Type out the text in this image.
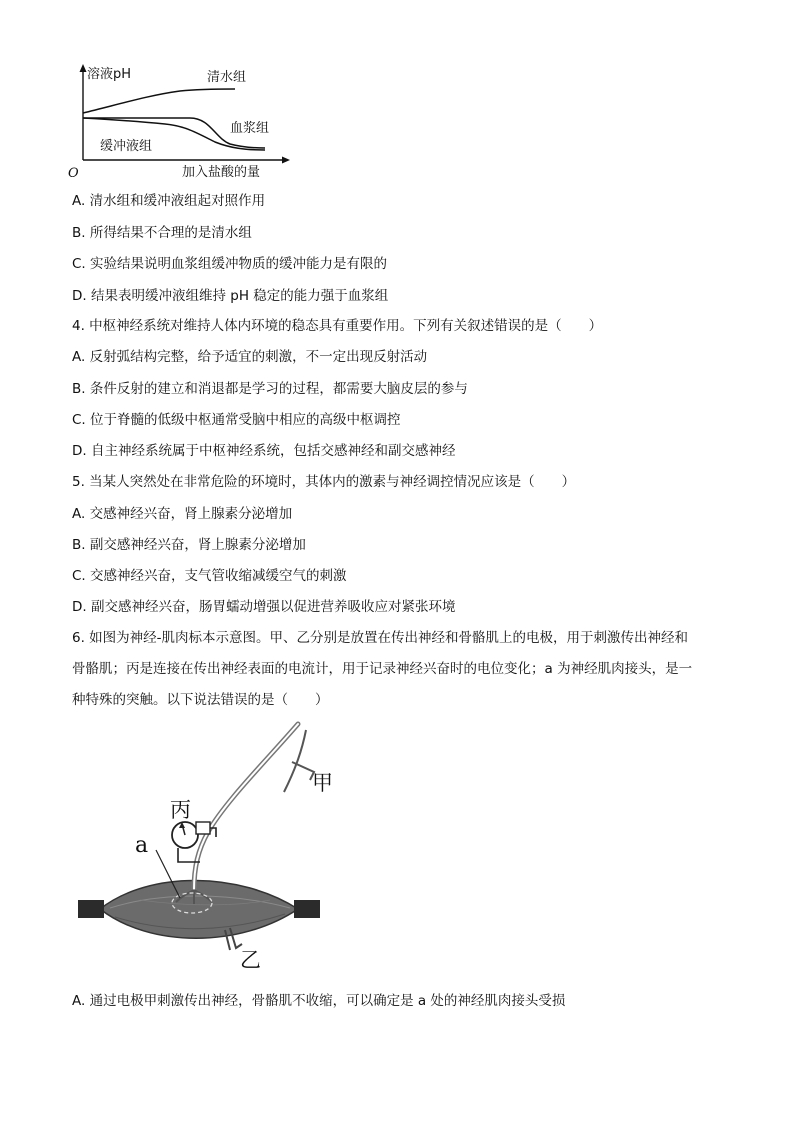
溶液pH	清水组
血浆组
缓冲液组
O	加入盐酸的量

A. 清水组和缓冲液组起对照作用

B. 所得结果不合理的是清水组

C. 实验结果说明血浆组缓冲物质的缓冲能力是有限的

D. 结果表明缓冲液组维持 pH 稳定的能力强于血浆组

4. 中枢神经系统对维持人体内环境的稳态具有重要作用。下列有关叙述错误的是（　　）

A. 反射弧结构完整，给予适宜的刺激，不一定出现反射活动

B. 条件反射的建立和消退都是学习的过程，都需要大脑皮层的参与

C. 位于脊髓的低级中枢通常受脑中相应的高级中枢调控

D. 自主神经系统属于中枢神经系统，包括交感神经和副交感神经

5. 当某人突然处在非常危险的环境时，其体内的激素与神经调控情况应该是（　　）

A. 交感神经兴奋，肾上腺素分泌增加

B. 副交感神经兴奋，肾上腺素分泌增加

C. 交感神经兴奋，支气管收缩减缓空气的刺激

D. 副交感神经兴奋，肠胃蠕动增强以促进营养吸收应对紧张环境

6. 如图为神经-肌肉标本示意图。甲、乙分别是放置在传出神经和骨骼肌上的电极，用于刺激传出神经和

骨骼肌；丙是连接在传出神经表面的电流计，用于记录神经兴奋时的电位变化；a 为神经肌肉接头，是一

种特殊的突触。以下说法错误的是（　　）

甲
丙
a
乙

A. 通过电极甲刺激传出神经，骨骼肌不收缩，可以确定是 a 处的神经肌肉接头受损
